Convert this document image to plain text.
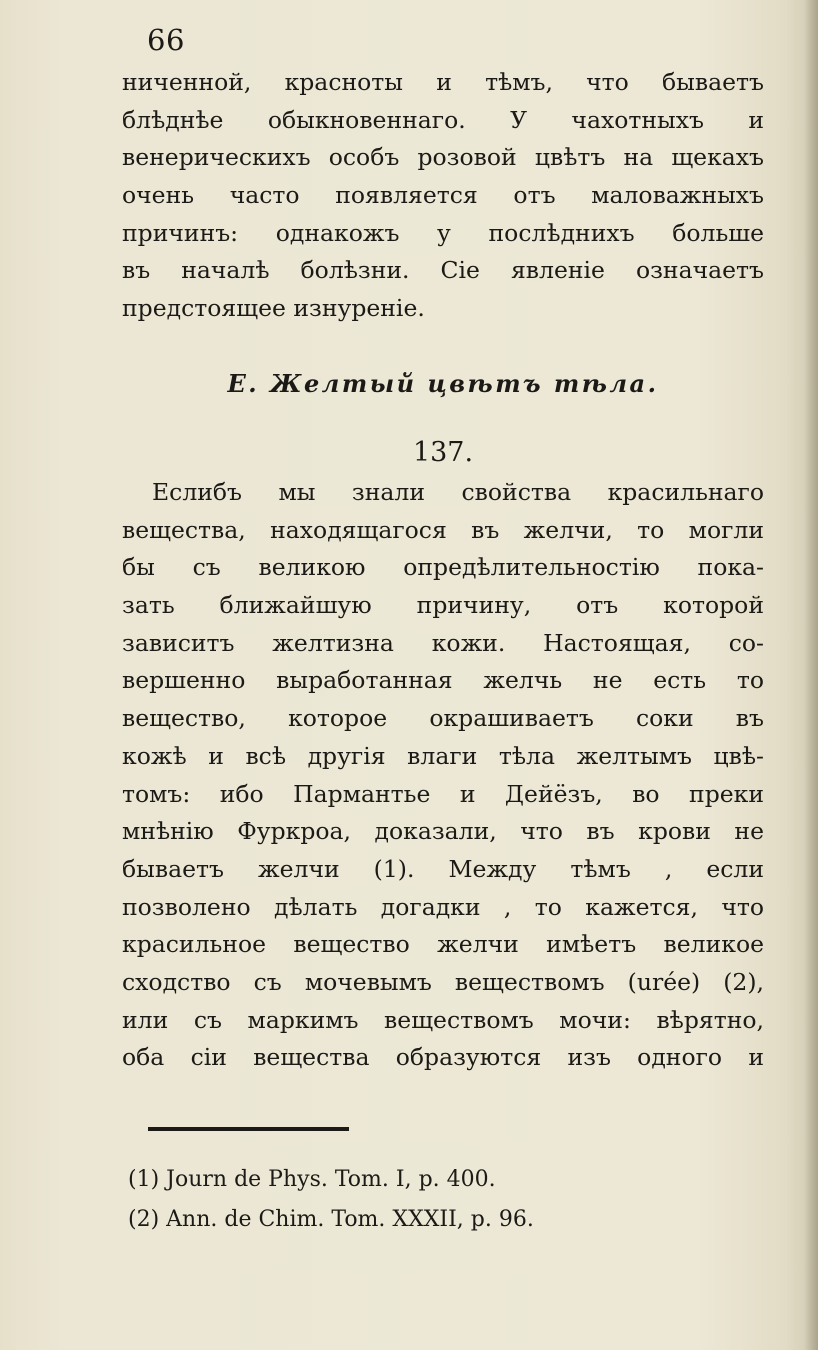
66
ниченной, красноты и тѣмъ, что бываетъ
блѣднѣе обыкновеннаго. У чахотныхъ и
венерическихъ особъ розовой цвѣтъ на щекахъ
очень часто появляется отъ маловажныхъ
причинъ: однакожъ у послѣднихъ больше
въ началѣ болѣзни. Сіе явленіе означаетъ
предстоящее изнуреніе.
Е. Желтый цвѣтъ тѣла.
137.
Еслибъ мы знали свойства красильнаго
вещества, находящагося въ желчи, то могли
бы съ великою опредѣлительностію пока-
зать ближайшую причину, отъ которой
зависитъ желтизна кожи. Настоящая, со-
вершенно выработанная желчь не есть то
вещество, которое окрашиваетъ соки въ
кожѣ и всѣ другія влаги тѣла желтымъ цвѣ-
томъ: ибо Пармантье и Дейёзъ, во преки
мнѣнію Фуркроа, доказали, что въ крови не
бываетъ желчи (1). Между тѣмъ , если
позволено дѣлать догадки , то кажется, что
красильное вещество желчи имѣетъ великое
сходство съ мочевымъ веществомъ (urée) (2),
или съ маркимъ веществомъ мочи: вѣрятно,
оба сіи вещества образуются изъ одного и
(1) Journ de Phys. Tom. I, p. 400.
(2) Ann. de Chim. Tom. XXXII, p. 96.
